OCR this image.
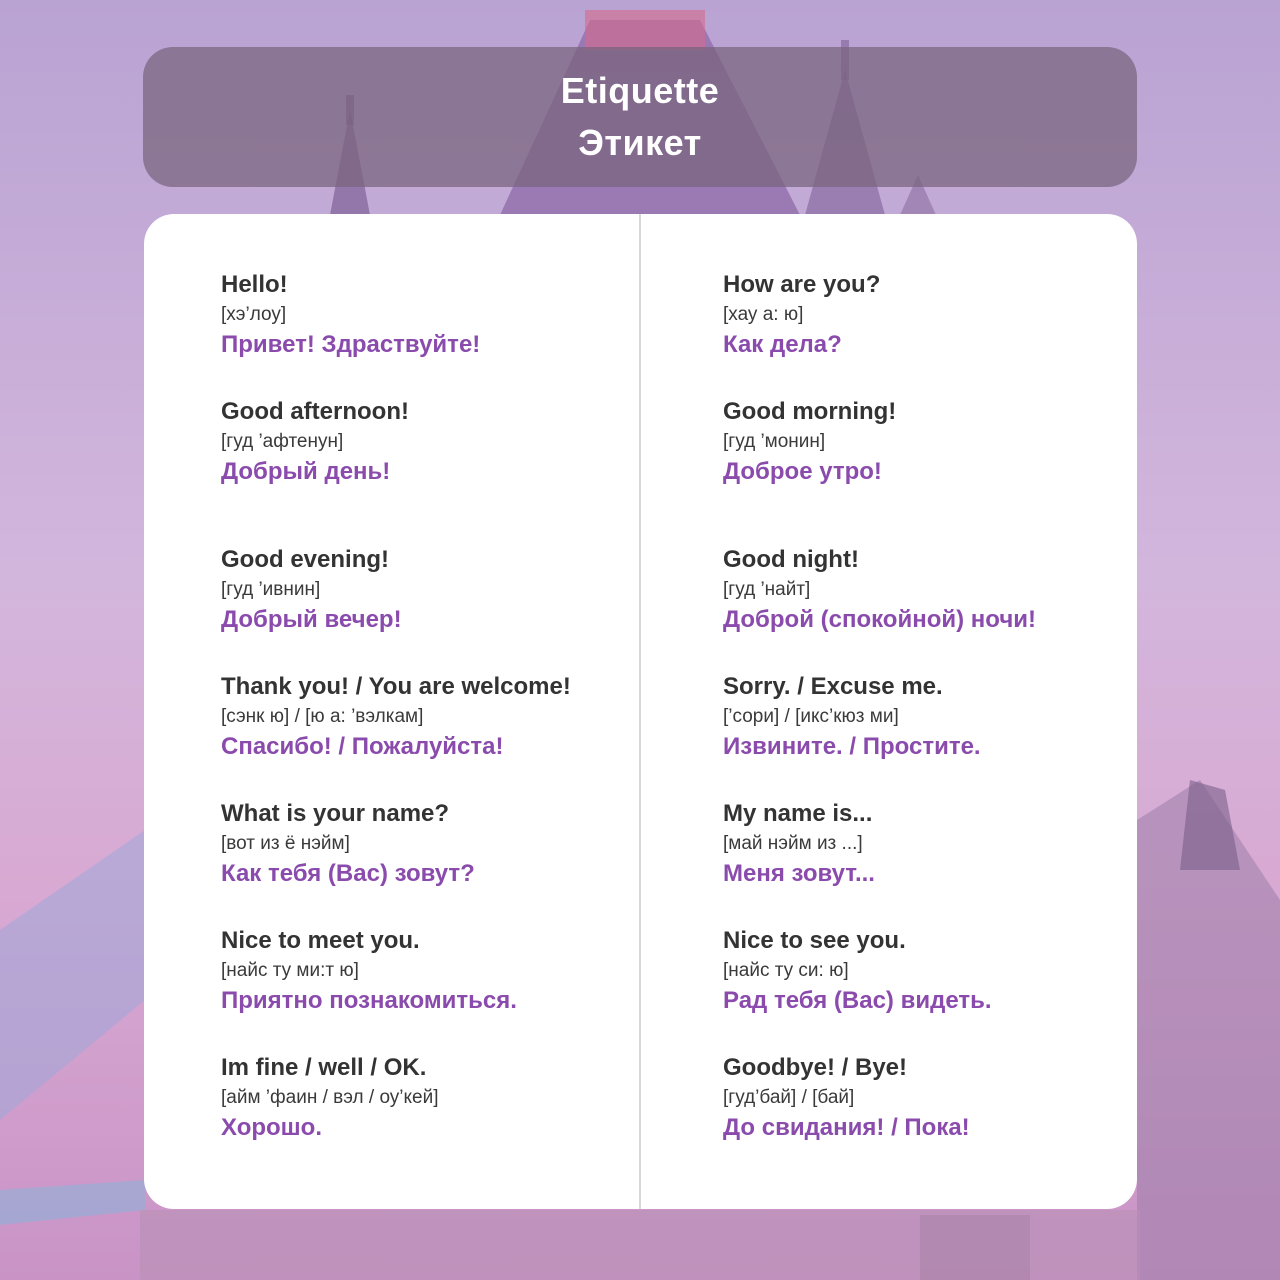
Etiquette
Этикет
Hello!
[хэ’лоу]
Привет! Здраствуйте!
Good afternoon!
[гуд ’афтенун]
Добрый день!
Good evening!
[гуд ’ивнин]
Добрый вечер!
Thank you! / You are welcome!
[сэнк ю] / [ю а: ’вэлкам]
Спасибо! / Пожалуйста!
What is your name?
[вот из ё нэйм]
Как тебя (Вас) зовут?
Nice to meet you.
[найс ту ми:т ю]
Приятно познакомиться.
Im fine / well / OK.
[айм ’фаин / вэл / оу’кей]
Хорошо.
How are you?
[хау а: ю]
Как дела?
Good morning!
[гуд ’монин]
Доброе утро!
Good night!
[гуд ’найт]
Доброй (спокойной) ночи!
Sorry. / Excuse me.
[’сори] / [икс’кюз ми]
Извините. / Простите.
My name is...
[май нэйм из ...]
Меня зовут...
Nice to see you.
[найс ту си: ю]
Рад тебя (Вас) видеть.
Goodbye! / Bye!
[гуд’бай] / [бай]
До свидания! / Пока!
